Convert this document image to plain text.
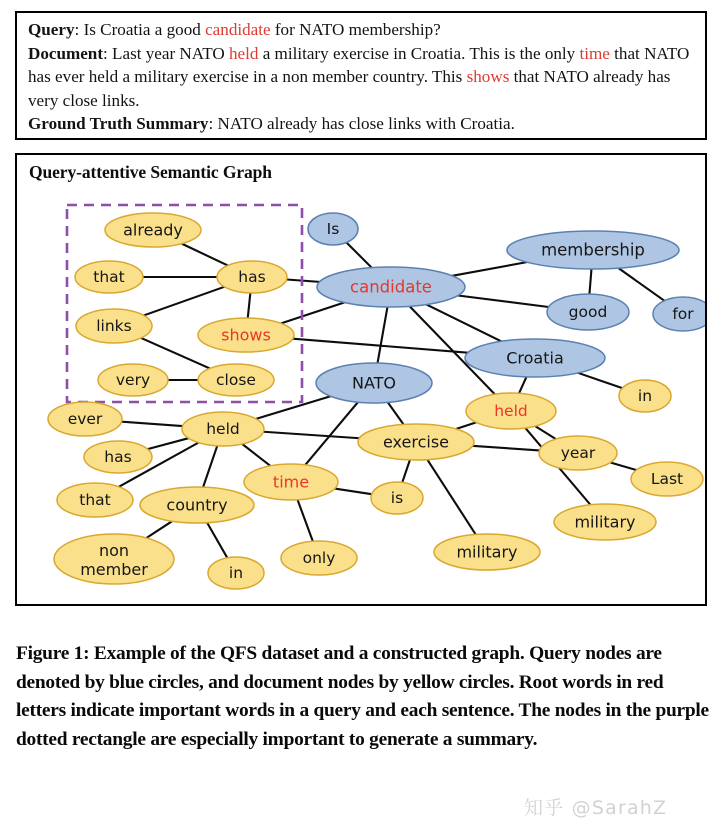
Query: Is Croatia a good candidate for NATO membership?
Document: Last year NATO held a military exercise in Croatia. This is the only time that NATO has ever held a military exercise in a non member country. This shows that NATO already has very close links.
Ground Truth Summary: NATO already has close links with Croatia.
Query-attentive Semantic Graph
already
that	has
links	shows
very	close
Is
candidate
membership
good	for
Croatia
NATO
held
in
ever
held
has
exercise
year
Last
time
that	country	is
military
non member
only	military
in
Figure 1: Example of the QFS dataset and a constructed graph. Query nodes are denoted by blue circles, and document nodes by yellow circles. Root words in red letters indicate important words in a query and each sentence. The nodes in the purple dotted rectangle are especially important to generate a summary.
知乎 @SarahZ
